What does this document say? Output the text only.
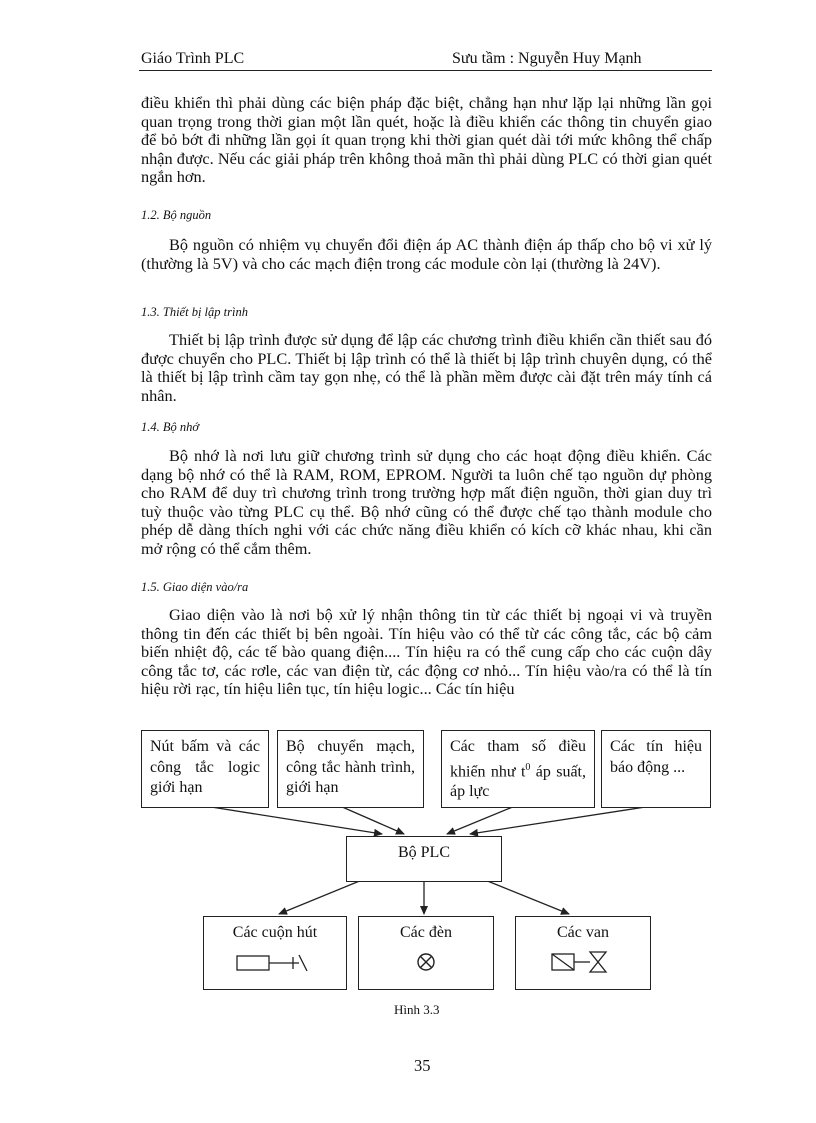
Giáo Trình PLC	Sưu tầm : Nguyễn Huy Mạnh

điều khiển thì phải dùng các biện pháp đặc biệt, chẳng hạn như lặp lại những lần gọi quan trọng trong thời gian một lần quét, hoặc là điều khiển các thông tin chuyển giao để bỏ bớt đi những lần gọi ít quan trọng khi thời gian quét dài tới mức không thể chấp nhận được. Nếu các giải pháp trên không thoả mãn thì phải dùng PLC có thời gian quét ngắn hơn.

1.2. Bộ nguồn

Bộ nguồn có nhiệm vụ chuyển đổi điện áp AC thành điện áp thấp cho bộ vi xử lý (thường là 5V) và cho các mạch điện trong các module còn lại (thường là 24V).

1.3. Thiết bị lập trình

Thiết bị lập trình được sử dụng để lập các chương trình điều khiển cần thiết sau đó được chuyển cho PLC. Thiết bị lập trình có thể là thiết bị lập trình chuyên dụng, có thể là thiết bị lập trình cầm tay gọn nhẹ, có thể là phần mềm được cài đặt trên máy tính cá nhân.

1.4. Bộ nhớ

Bộ nhớ là nơi lưu giữ chương trình sử dụng cho các hoạt động điều khiển. Các dạng bộ nhớ có thể là RAM, ROM, EPROM. Người ta luôn chế tạo nguồn dự phòng cho RAM để duy trì chương trình trong trường hợp mất điện nguồn, thời gian duy trì tuỳ thuộc vào từng PLC cụ thể. Bộ nhớ cũng có thể được chế tạo thành module cho phép dễ dàng thích nghi với các chức năng điều khiển có kích cỡ khác nhau, khi cần mở rộng có thể cắm thêm.

1.5. Giao diện vào/ra

Giao diện vào là nơi bộ xử lý nhận thông tin từ các thiết bị ngoại vi và truyền thông tin đến các thiết bị bên ngoài. Tín hiệu vào có thể từ các công tắc, các bộ cảm biến nhiệt độ, các tế bào quang điện.... Tín hiệu ra có thể cung cấp cho các cuộn dây công tắc tơ, các rơle, các van điện từ, các động cơ nhỏ... Tín hiệu vào/ra có thể là tín hiệu rời rạc, tín hiệu liên tục, tín hiệu logic... Các tín hiệu

Nút bấm và các công tắc logic giới hạn
Bộ chuyển mạch, công tắc hành trình, giới hạn
Các tham số điều khiển như $t^0$ áp suất, áp lực
Các tín hiệu báo động ...
Bộ PLC
Các cuộn hút	Các đèn	Các van
Hình 3.3
35
